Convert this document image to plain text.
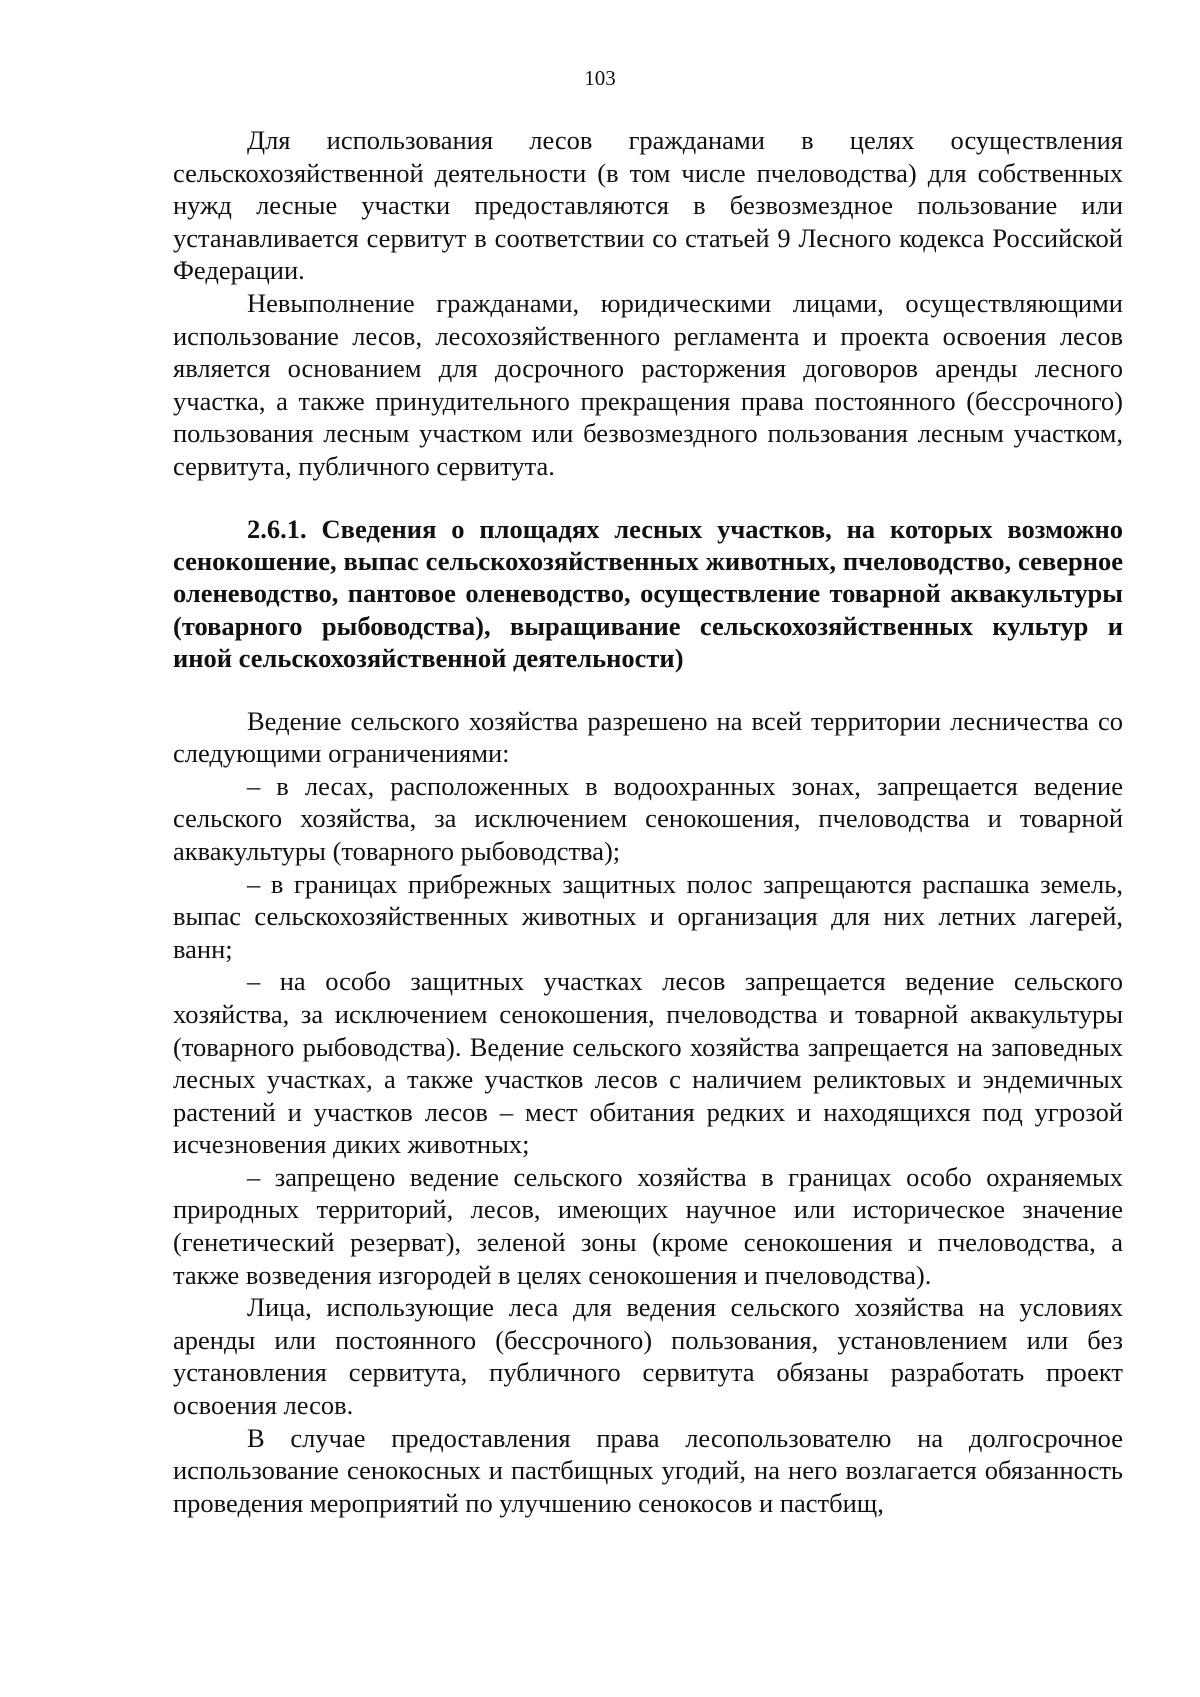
103

Для использования лесов гражданами в целях осуществления сельскохозяйственной деятельности (в том числе пчеловодства) для собственных нужд лесные участки предоставляются в безвозмездное пользование или устанавливается сервитут в соответствии со статьей 9 Лесного кодекса Российской Федерации.

Невыполнение гражданами, юридическими лицами, осуществляющими использование лесов, лесохозяйственного регламента и проекта освоения лесов является основанием для досрочного расторжения договоров аренды лесного участка, а также принудительного прекращения права постоянного (бессрочного) пользования лесным участком или безвозмездного пользования лесным участком, сервитута, публичного сервитута.

2.6.1. Сведения о площадях лесных участков, на которых возможно сенокошение, выпас сельскохозяйственных животных, пчеловодство, северное оленеводство, пантовое оленеводство, осуществление товарной аквакультуры (товарного рыбоводства), выращивание сельскохозяйственных культур и иной сельскохозяйственной деятельности)

Ведение сельского хозяйства разрешено на всей территории лесничества со следующими ограничениями:

– в лесах, расположенных в водоохранных зонах, запрещается ведение сельского хозяйства, за исключением сенокошения, пчеловодства и товарной аквакультуры (товарного рыбоводства);

– в границах прибрежных защитных полос запрещаются распашка земель, выпас сельскохозяйственных животных и организация для них летних лагерей, ванн;

– на особо защитных участках лесов запрещается ведение сельского хозяйства, за исключением сенокошения, пчеловодства и товарной аквакультуры (товарного рыбоводства). Ведение сельского хозяйства запрещается на заповедных лесных участках, а также участков лесов с наличием реликтовых и эндемичных растений и участков лесов – мест обитания редких и находящихся под угрозой исчезновения диких животных;

– запрещено ведение сельского хозяйства в границах особо охраняемых природных территорий, лесов, имеющих научное или историческое значение (генетический резерват), зеленой зоны (кроме сенокошения и пчеловодства, а также возведения изгородей в целях сенокошения и пчеловодства).

Лица, использующие леса для ведения сельского хозяйства на условиях аренды или постоянного (бессрочного) пользования, установлением или без установления сервитута, публичного сервитута обязаны разработать проект освоения лесов.

В случае предоставления права лесопользователю на долгосрочное использование сенокосных и пастбищных угодий, на него возлагается обязанность проведения мероприятий по улучшению сенокосов и пастбищ,
